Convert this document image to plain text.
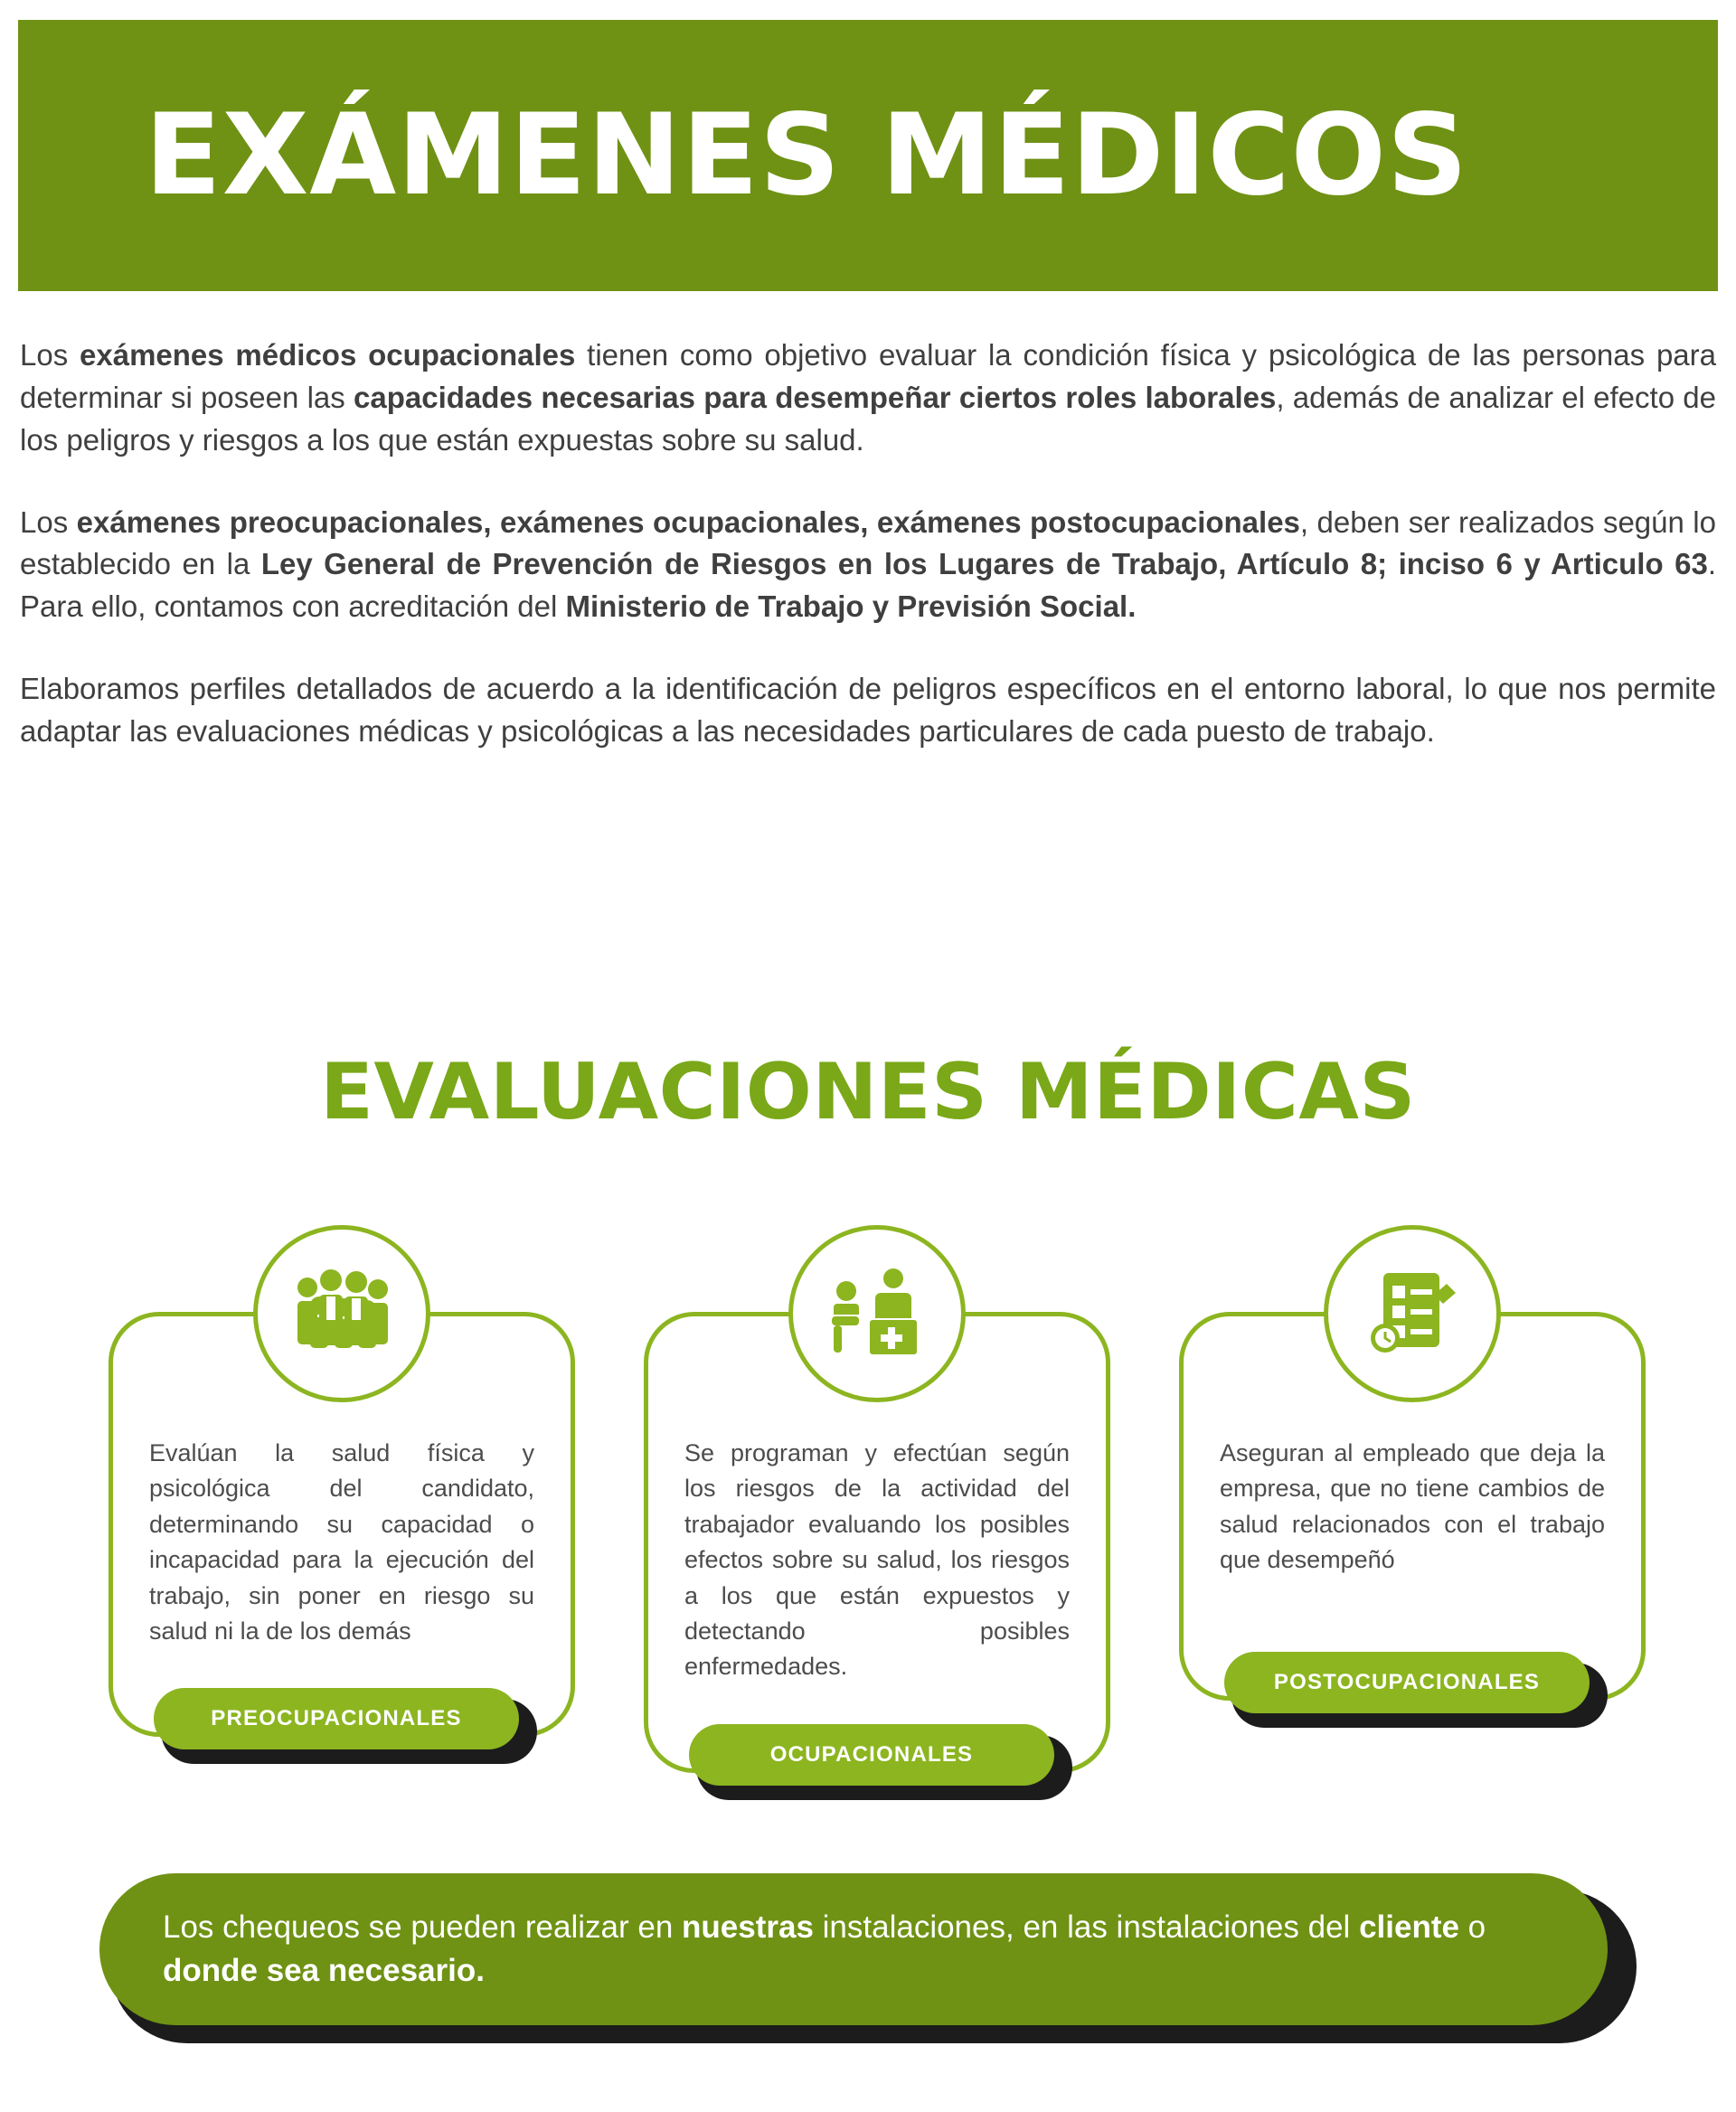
EXÁMENES MÉDICOS

Los exámenes médicos ocupacionales tienen como objetivo evaluar la condición física y psicológica de las personas para determinar si poseen las capacidades necesarias para desempeñar ciertos roles laborales, además de analizar el efecto de los peligros y riesgos a los que están expuestas sobre su salud.

Los exámenes preocupacionales, exámenes ocupacionales, exámenes postocupacionales, deben ser realizados según lo establecido en la Ley General de Prevención de Riesgos en los Lugares de Trabajo, Artículo 8; inciso 6 y Articulo 63. Para ello, contamos con acreditación del Ministerio de Trabajo y Previsión Social.

Elaboramos perfiles detallados de acuerdo a la identificación de peligros específicos en el entorno laboral, lo que nos permite adaptar las evaluaciones médicas y psicológicas a las necesidades particulares de cada puesto de trabajo.

EVALUACIONES MÉDICAS
Evalúan la salud física y psicológica del candidato, determinando su capacidad o incapacidad para la ejecución del trabajo, sin poner en riesgo su salud ni la de los demás
PREOCUPACIONALES
Se programan y efectúan según los riesgos de la actividad del trabajador evaluando los posibles efectos sobre su salud, los riesgos a los que están expuestos y detectando posibles enfermedades.
OCUPACIONALES
Aseguran al empleado que deja la empresa, que no tiene cambios de salud relacionados con el trabajo que desempeñó
POSTOCUPACIONALES
Los chequeos se pueden realizar en nuestras instalaciones, en las instalaciones del cliente o donde sea necesario.
